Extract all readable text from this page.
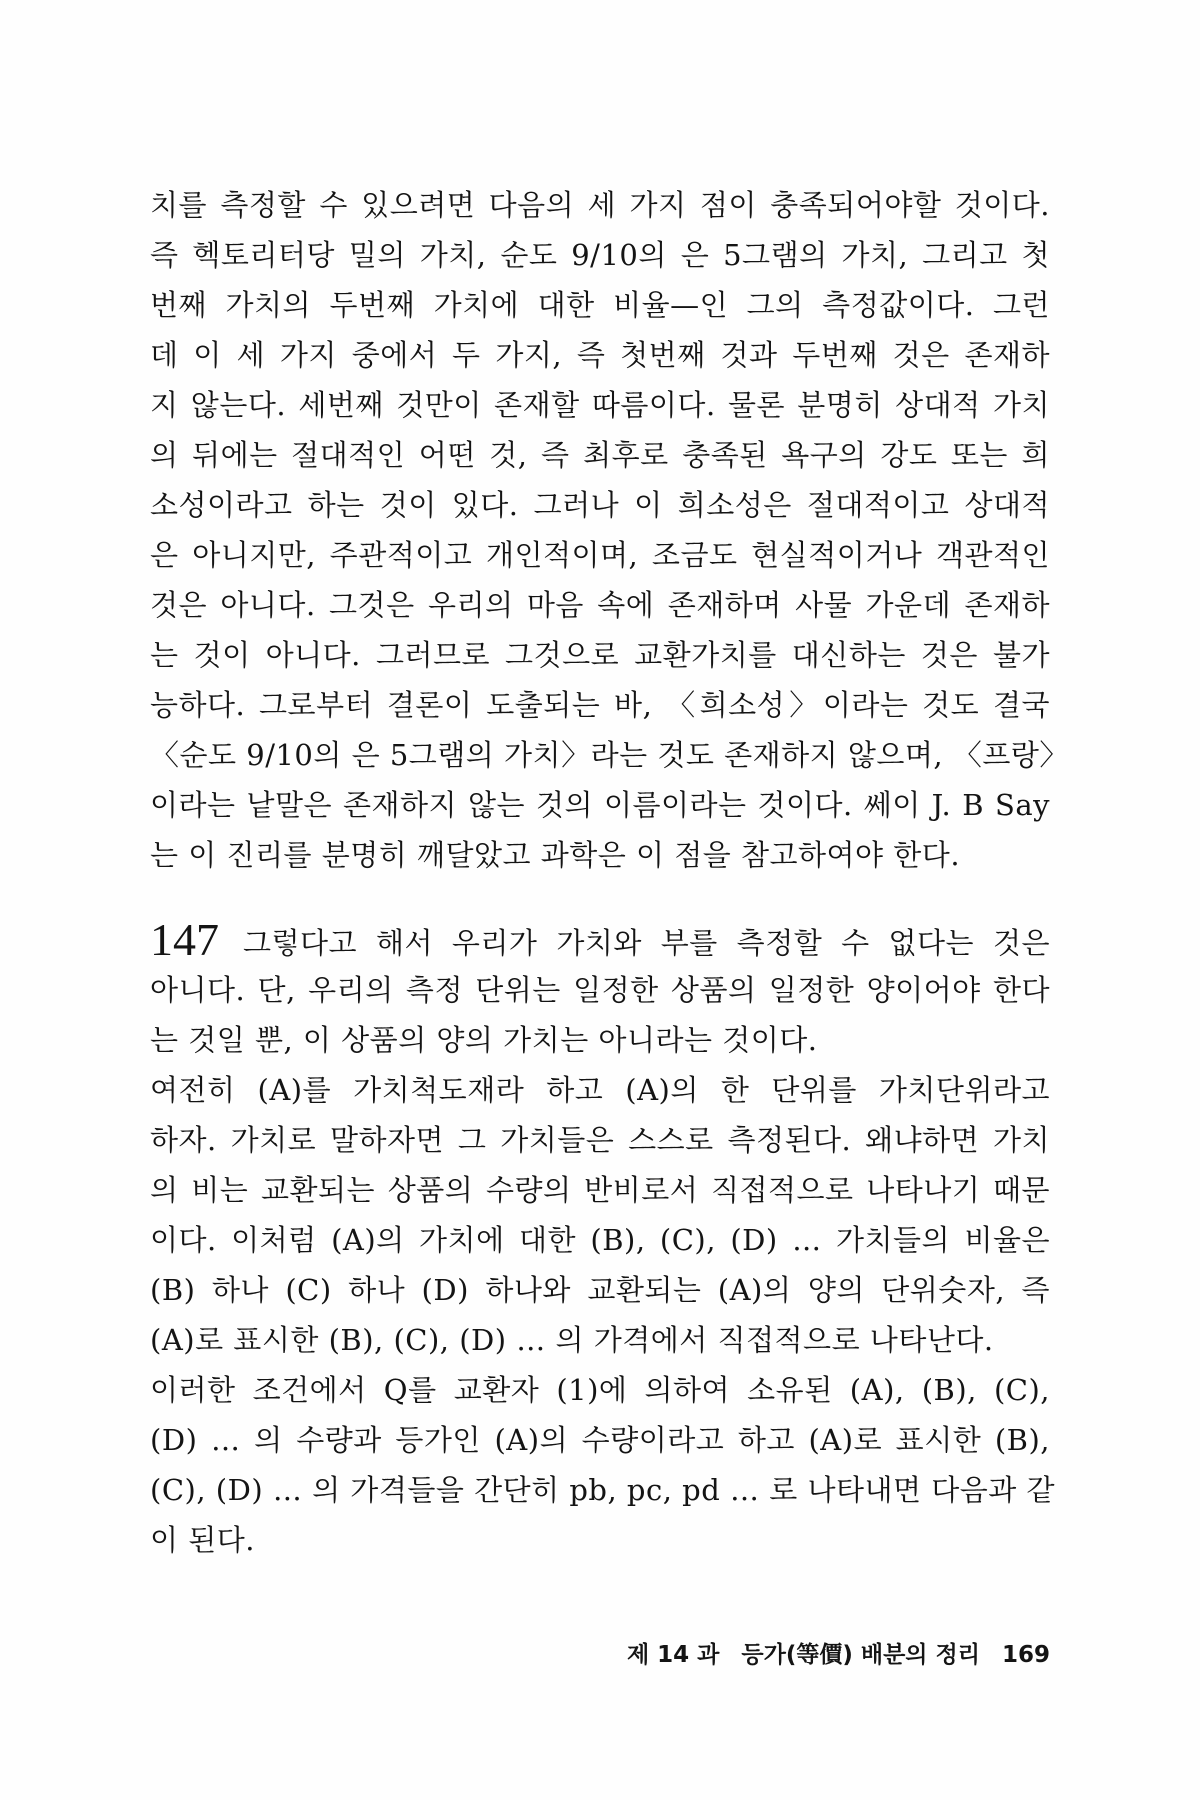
치를 측정할 수 있으려면 다음의 세 가지 점이 충족되어야할 것이다.
즉 헥토리터당 밀의 가치, 순도 9/10의 은 5그램의 가치, 그리고 첫
번째 가치의 두번째 가치에 대한 비율—인 그의 측정값이다. 그런
데 이 세 가지 중에서 두 가지, 즉 첫번째 것과 두번째 것은 존재하
지 않는다. 세번째 것만이 존재할 따름이다. 물론 분명히 상대적 가치
의 뒤에는 절대적인 어떤 것, 즉 최후로 충족된 욕구의 강도 또는 희
소성이라고 하는 것이 있다. 그러나 이 희소성은 절대적이고 상대적
은 아니지만, 주관적이고 개인적이며, 조금도 현실적이거나 객관적인
것은 아니다. 그것은 우리의 마음 속에 존재하며 사물 가운데 존재하
는 것이 아니다. 그러므로 그것으로 교환가치를 대신하는 것은 불가
능하다. 그로부터 결론이 도출되는 바, 〈희소성〉이라는 것도 결국
〈순도 9/10의 은 5그램의 가치〉라는 것도 존재하지 않으며, 〈프랑〉
이라는 낱말은 존재하지 않는 것의 이름이라는 것이다. 쎄이 J. B Say
는 이 진리를 분명히 깨달았고 과학은 이 점을 참고하여야 한다.
147 그렇다고 해서 우리가 가치와 부를 측정할 수 없다는 것은
아니다. 단, 우리의 측정 단위는 일정한 상품의 일정한 양이어야 한다
는 것일 뿐, 이 상품의 양의 가치는 아니라는 것이다.
여전히 (A)를 가치척도재라 하고 (A)의 한 단위를 가치단위라고
하자. 가치로 말하자면 그 가치들은 스스로 측정된다. 왜냐하면 가치
의 비는 교환되는 상품의 수량의 반비로서 직접적으로 나타나기 때문
이다. 이처럼 (A)의 가치에 대한 (B), (C), (D) … 가치들의 비율은
(B) 하나 (C) 하나 (D) 하나와 교환되는 (A)의 양의 단위숫자, 즉
(A)로 표시한 (B), (C), (D) … 의 가격에서 직접적으로 나타난다.
이러한 조건에서 Q를 교환자 (1)에 의하여 소유된 (A), (B), (C),
(D) … 의 수량과 등가인 (A)의 수량이라고 하고 (A)로 표시한 (B),
(C), (D) … 의 가격들을 간단히 pb, pc, pd … 로 나타내면 다음과 같
이 된다.
제 14 과 등가(等價) 배분의 정리 169
